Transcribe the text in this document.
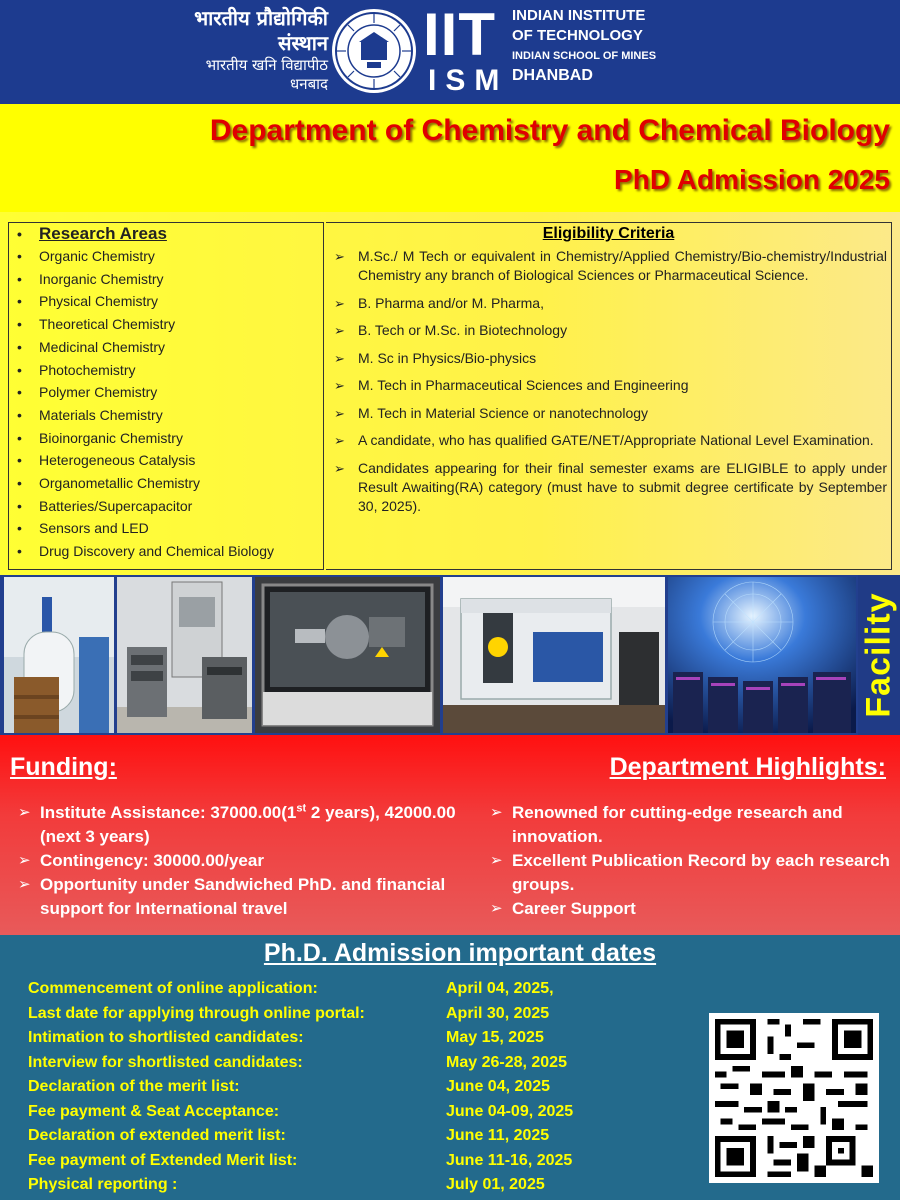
भारतीय प्रौद्योगिकी
संस्थान
भारतीय खनि विद्यापीठ
धनबाद
IIT
ISM
INDIAN INSTITUTE
OF TECHNOLOGY
INDIAN SCHOOL OF MINES
DHANBAD
Department of Chemistry and Chemical Biology
PhD Admission 2025
• Research Areas
• Organic Chemistry
• Inorganic Chemistry
• Physical Chemistry
• Theoretical Chemistry
• Medicinal Chemistry
• Photochemistry
• Polymer Chemistry
• Materials Chemistry
• Bioinorganic Chemistry
• Heterogeneous Catalysis
• Organometallic Chemistry
• Batteries/Supercapacitor
• Sensors and LED
• Drug Discovery and Chemical Biology
Eligibility Criteria
➢ M.Sc./ M Tech or equivalent in Chemistry/Applied Chemistry/Bio-chemistry/Industrial Chemistry any branch of Biological Sciences or Pharmaceutical Science.
➢ B. Pharma and/or M. Pharma,
➢ B. Tech or M.Sc. in Biotechnology
➢ M. Sc in Physics/Bio-physics
➢ M. Tech in Pharmaceutical Sciences and Engineering
➢ M. Tech in Material Science or nanotechnology
➢ A candidate, who has qualified GATE/NET/Appropriate National Level Examination.
➢ Candidates appearing for their final semester exams are ELIGIBLE to apply under Result Awaiting(RA) category (must have to submit degree certificate by September 30, 2025).
Facility
Funding:	Department Highlights:
➢ Institute Assistance: 37000.00(1st 2 years), 42000.00 (next 3 years)
➢ Contingency: 30000.00/year
➢ Opportunity under Sandwiched PhD. and financial support for International travel
➢ Renowned for cutting-edge research and innovation.
➢ Excellent Publication Record by each research groups.
➢ Career Support
Ph.D. Admission important dates
Commencement of online application:	April 04, 2025,
Last date for applying through online portal:	April 30, 2025
Intimation to shortlisted candidates:	May 15, 2025
Interview for shortlisted candidates:	May 26-28, 2025
Declaration of the merit list:	June 04, 2025
Fee payment & Seat Acceptance:	June 04-09, 2025
Declaration of extended merit list:	June 11, 2025
Fee payment of Extended Merit list:	June 11-16, 2025
Physical reporting :	July 01, 2025
